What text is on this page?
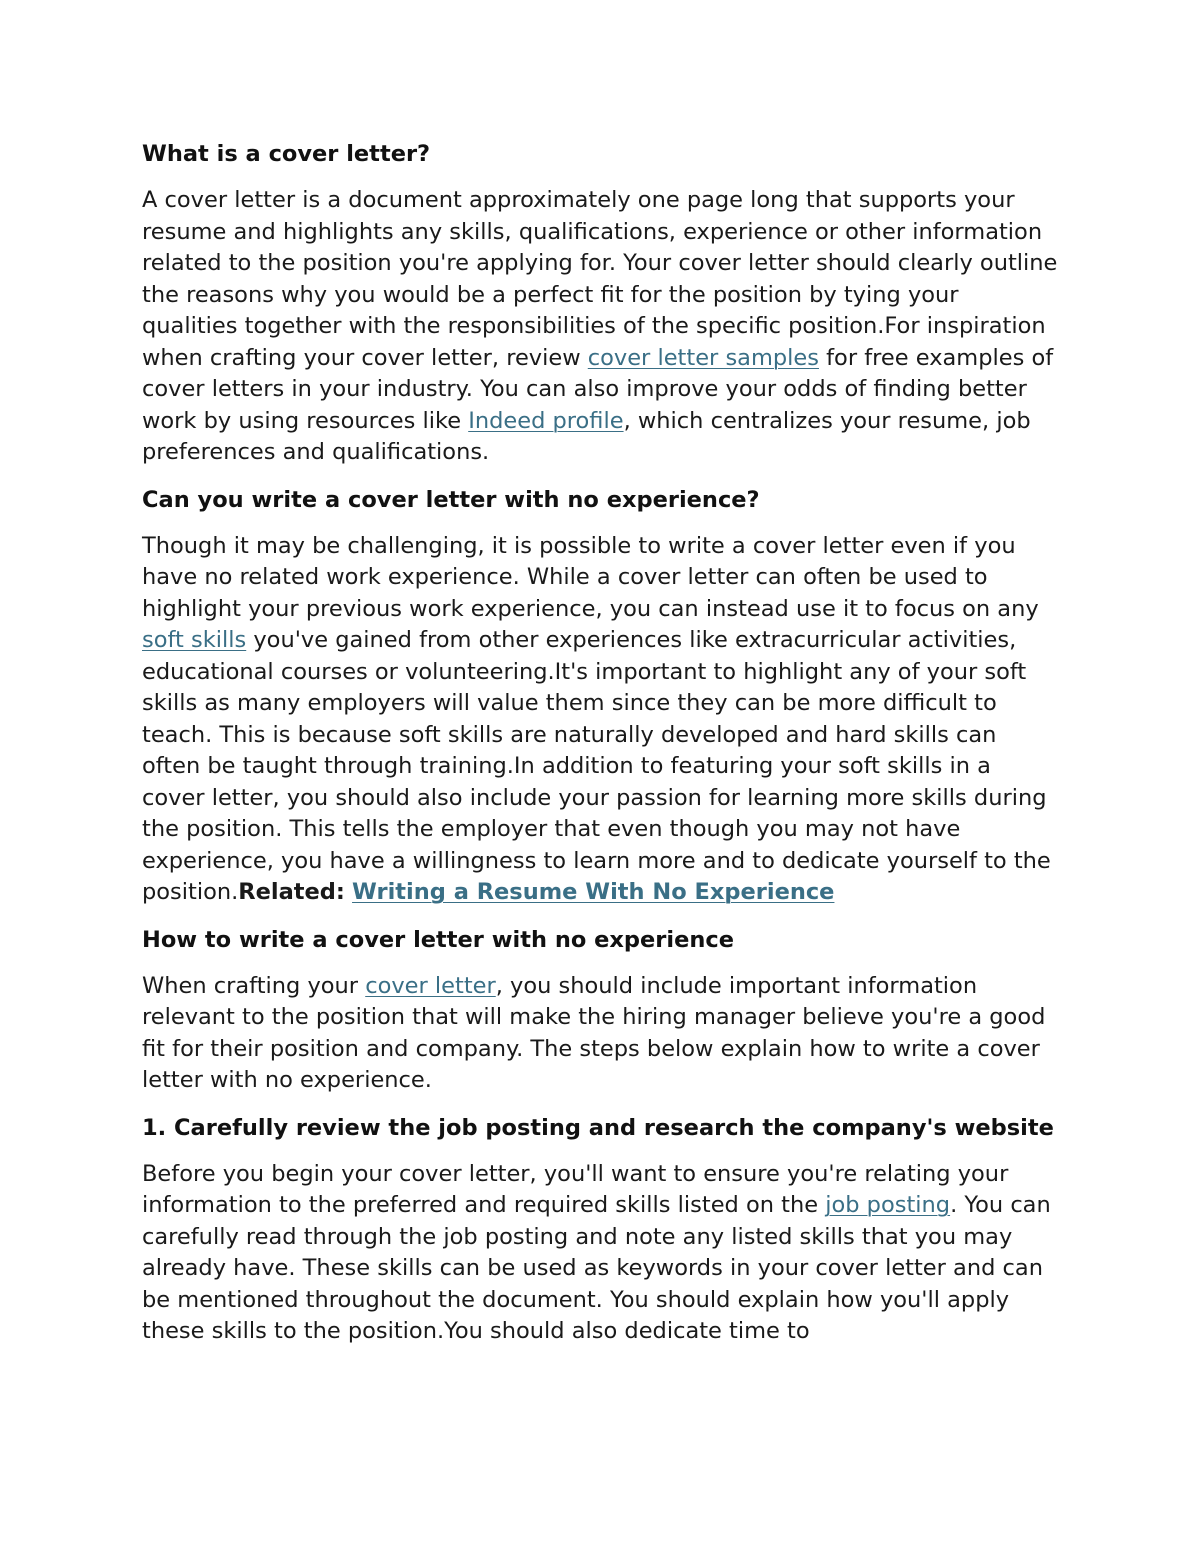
What is a cover letter?

A cover letter is a document approximately one page long that supports your resume and highlights any skills, qualifications, experience or other information related to the position you're applying for. Your cover letter should clearly outline the reasons why you would be a perfect fit for the position by tying your qualities together with the responsibilities of the specific position.For inspiration when crafting your cover letter, review cover letter samples for free examples of cover letters in your industry. You can also improve your odds of finding better work by using resources like Indeed profile, which centralizes your resume, job preferences and qualifications.

Can you write a cover letter with no experience?

Though it may be challenging, it is possible to write a cover letter even if you have no related work experience. While a cover letter can often be used to highlight your previous work experience, you can instead use it to focus on any soft skills you've gained from other experiences like extracurricular activities, educational courses or volunteering.It's important to highlight any of your soft skills as many employers will value them since they can be more difficult to teach. This is because soft skills are naturally developed and hard skills can often be taught through training.In addition to featuring your soft skills in a cover letter, you should also include your passion for learning more skills during the position. This tells the employer that even though you may not have experience, you have a willingness to learn more and to dedicate yourself to the position.Related: Writing a Resume With No Experience

How to write a cover letter with no experience

When crafting your cover letter, you should include important information relevant to the position that will make the hiring manager believe you're a good fit for their position and company. The steps below explain how to write a cover letter with no experience.

1. Carefully review the job posting and research the company's website

Before you begin your cover letter, you'll want to ensure you're relating your information to the preferred and required skills listed on the job posting. You can carefully read through the job posting and note any listed skills that you may already have. These skills can be used as keywords in your cover letter and can be mentioned throughout the document. You should explain how you'll apply these skills to the position.You should also dedicate time to
